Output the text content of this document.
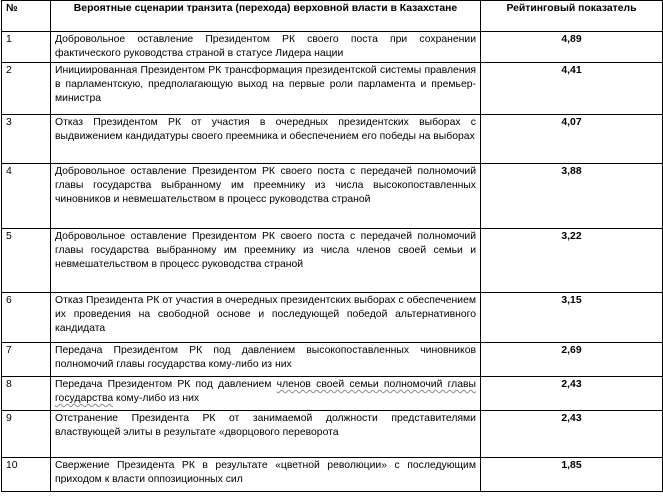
№	Вероятные сценарии транзита (перехода) верховной власти в Казахстане	Рейтинговый показатель
1	Добровольное оставление Президентом РК своего поста при сохранении фактического руководства страной в статусе Лидера нации	4,89
2	Инициированная Президентом РК трансформация президентской системы правления в парламентскую, предполагающую выход на первые роли парламента и премьер-министра	4,41
3	Отказ Президентом РК от участия в очередных президентских выборах с выдвижением кандидатуры своего преемника и обеспечением его победы на выборах	4,07
4	Добровольное оставление Президентом РК своего поста с передачей полномочий главы государства выбранному им преемнику из числа высокопоставленных чиновников и невмешательством в процесс руководства страной	3,88
5	Добровольное оставление Президентом РК своего поста с передачей полномочий главы государства выбранному им преемнику из числа членов своей семьи и невмешательством в процесс руководства страной	3,22
6	Отказ Президента РК от участия в очередных президентских выборах с обеспечением их проведения на свободной основе и последующей победой альтернативного кандидата	3,15
7	Передача Президентом РК под давлением высокопоставленных чиновников полномочий главы государства кому-либо из них	2,69
8	Передача Президентом РК под давлением членов своей семьи полномочий главы государства кому-либо из них	2,43
9	Отстранение Президента РК от занимаемой должности представителями властвующей элиты в результате «дворцового переворота	2,43
10	Свержение Президента РК в результате «цветной революции» с последующим приходом к власти оппозиционных сил	1,85
